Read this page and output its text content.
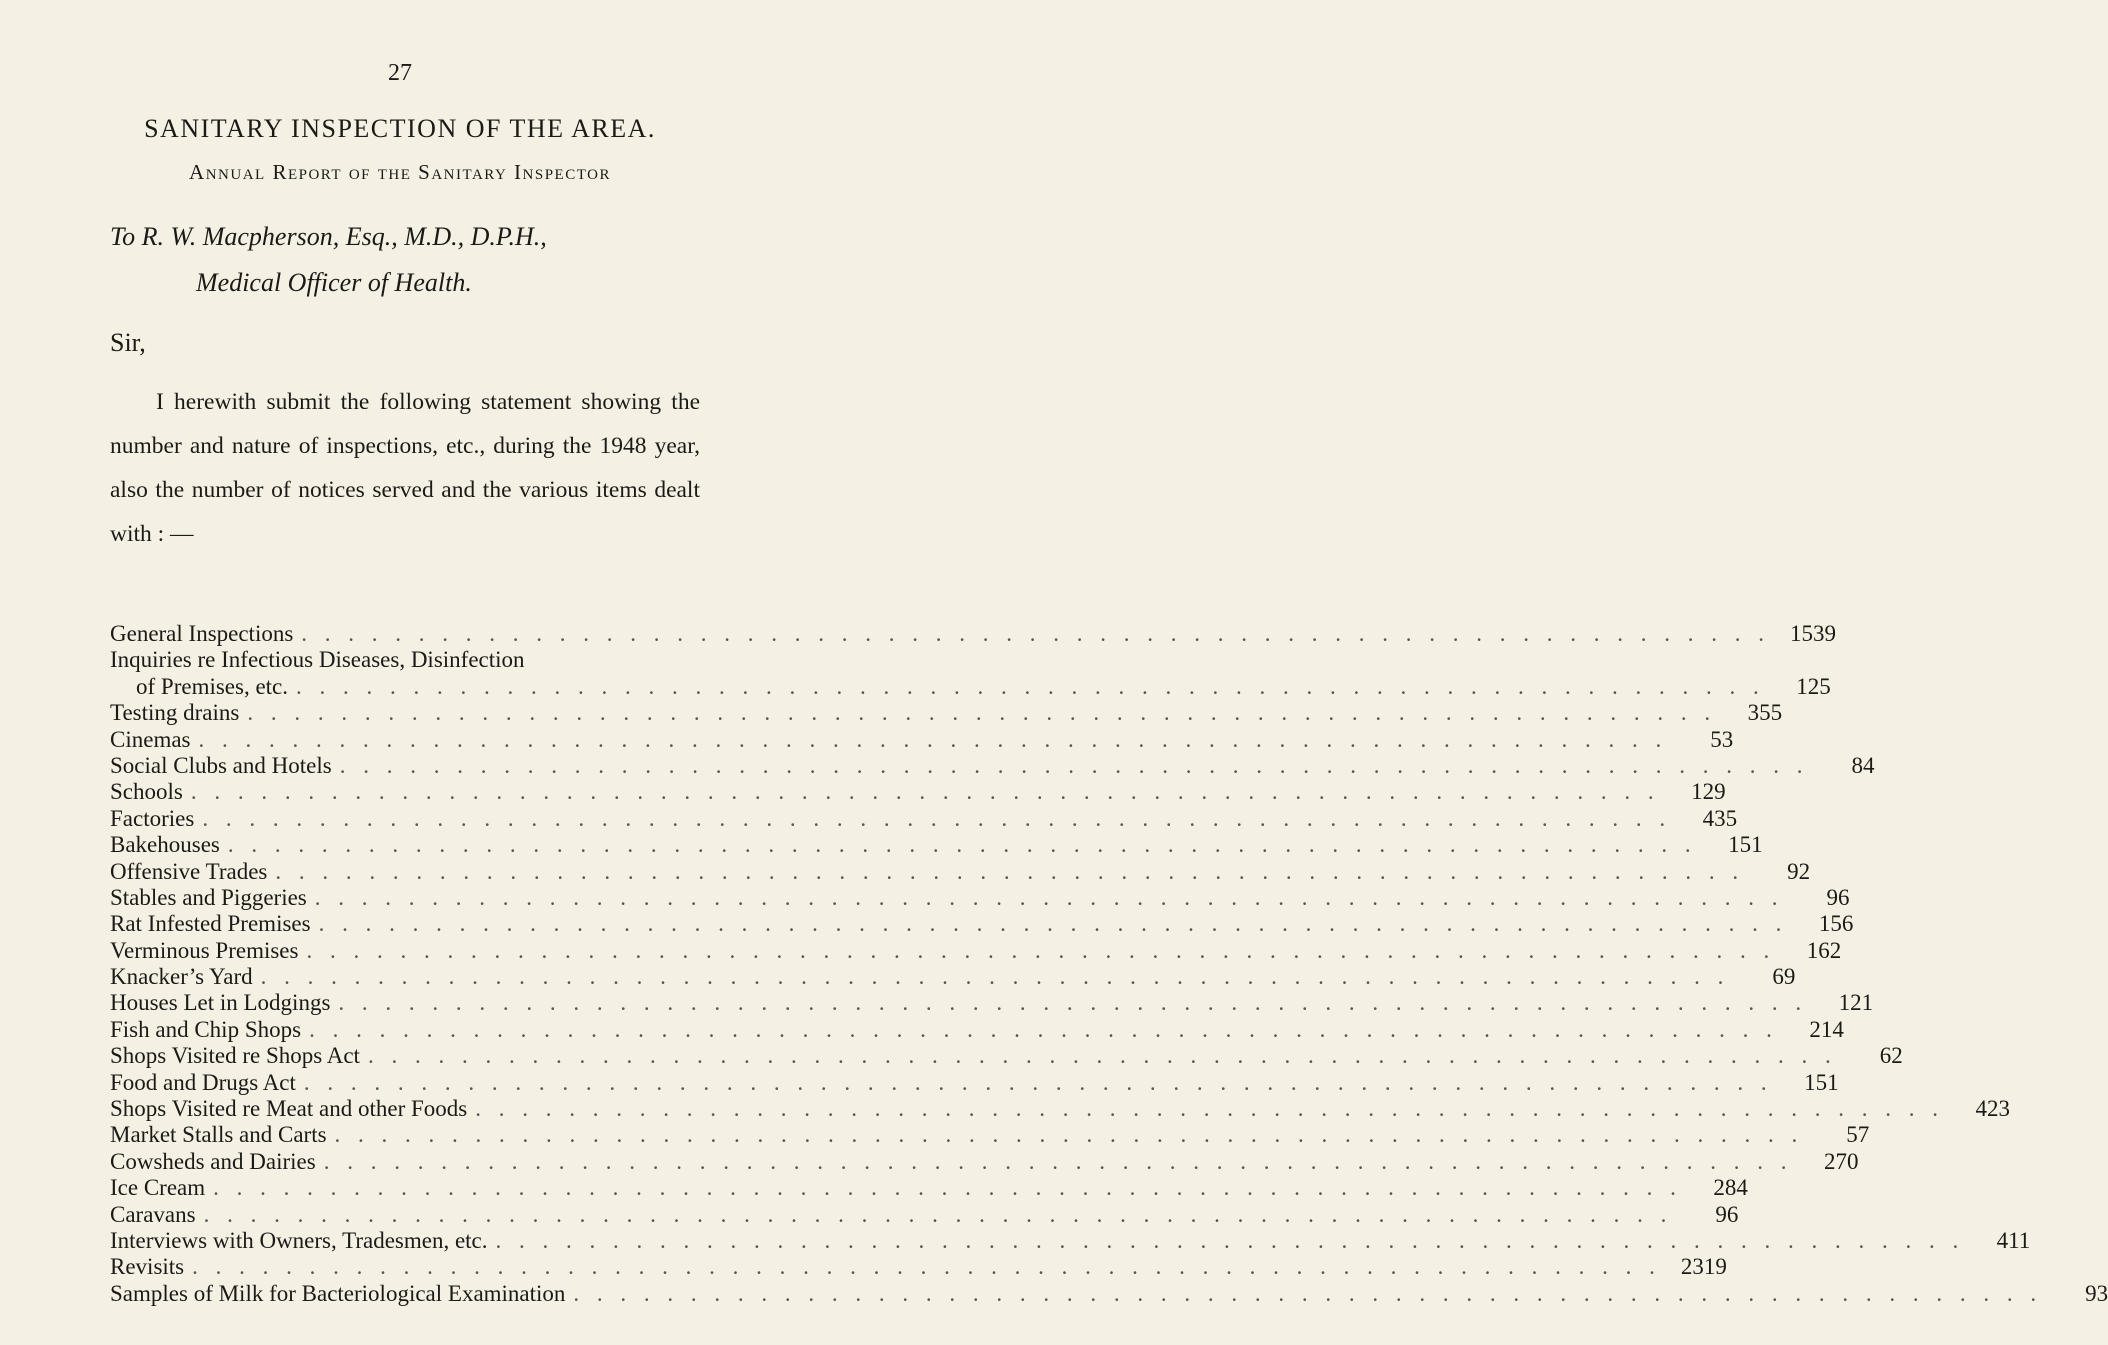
27
SANITARY INSPECTION OF THE AREA.
Annual Report of the Sanitary Inspector
To R. W. Macpherson, Esq., M.D., D.P.H.,
Medical Officer of Health.
Sir,
I herewith submit the following statement showing the number and nature of inspections, etc., during the 1948 year, also the number of notices served and the various items dealt with : —
General Inspections . . . . . . . . . . . . . . . . . . . . . . . . . . . . . . . . . . . . . . . . . . . . . . . . . . . . . . . . . . . . . . . 1539
Inquiries re Infectious Diseases, Disinfection
of Premises, etc. . . . . . . . . . . . . . . . . . . . . . . . . . . . . . . . . . . . . . . . . . . . . . . . . . . . . . . . . . . . . . . .	125
Testing drains . . . . . . . . . . . . . . . . . . . . . . . . . . . . . . . . . . . . . . . . . . . . . . . . . . . . . . . . . . . . . . .	355
Cinemas . . . . . . . . . . . . . . . . . . . . . . . . . . . . . . . . . . . . . . . . . . . . . . . . . . . . . . . . . . . . . . .	53
Social Clubs and Hotels . . . . . . . . . . . . . . . . . . . . . . . . . . . . . . . . . . . . . . . . . . . . . . . . . . . . . . . . . . . . . . .	84
Schools . . . . . . . . . . . . . . . . . . . . . . . . . . . . . . . . . . . . . . . . . . . . . . . . . . . . . . . . . . . . . . .	129
Factories . . . . . . . . . . . . . . . . . . . . . . . . . . . . . . . . . . . . . . . . . . . . . . . . . . . . . . . . . . . . . . .	435
Bakehouses . . . . . . . . . . . . . . . . . . . . . . . . . . . . . . . . . . . . . . . . . . . . . . . . . . . . . . . . . . . . . . .	151
Offensive Trades . . . . . . . . . . . . . . . . . . . . . . . . . . . . . . . . . . . . . . . . . . . . . . . . . . . . . . . . . . . . . . .	92
Stables and Piggeries . . . . . . . . . . . . . . . . . . . . . . . . . . . . . . . . . . . . . . . . . . . . . . . . . . . . . . . . . . . . . . .	96
Rat Infested Premises . . . . . . . . . . . . . . . . . . . . . . . . . . . . . . . . . . . . . . . . . . . . . . . . . . . . . . . . . . . . . . .	156
Verminous Premises . . . . . . . . . . . . . . . . . . . . . . . . . . . . . . . . . . . . . . . . . . . . . . . . . . . . . . . . . . . . . . .	162
Knacker’s Yard . . . . . . . . . . . . . . . . . . . . . . . . . . . . . . . . . . . . . . . . . . . . . . . . . . . . . . . . . . . . . . .	69
Houses Let in Lodgings . . . . . . . . . . . . . . . . . . . . . . . . . . . . . . . . . . . . . . . . . . . . . . . . . . . . . . . . . . . . . . .	121
Fish and Chip Shops . . . . . . . . . . . . . . . . . . . . . . . . . . . . . . . . . . . . . . . . . . . . . . . . . . . . . . . . . . . . . . .	214
Shops Visited re Shops Act . . . . . . . . . . . . . . . . . . . . . . . . . . . . . . . . . . . . . . . . . . . . . . . . . . . . . . . . . . . . . . .	62
Food and Drugs Act . . . . . . . . . . . . . . . . . . . . . . . . . . . . . . . . . . . . . . . . . . . . . . . . . . . . . . . . . . . . . . .	151
Shops Visited re Meat and other Foods . . . . . . . . . . . . . . . . . . . . . . . . . . . . . . . . . . . . . . . . . . . . . . . . . . . . . . . . . . . . . . .	423
Market Stalls and Carts . . . . . . . . . . . . . . . . . . . . . . . . . . . . . . . . . . . . . . . . . . . . . . . . . . . . . . . . . . . . . . .	57
Cowsheds and Dairies . . . . . . . . . . . . . . . . . . . . . . . . . . . . . . . . . . . . . . . . . . . . . . . . . . . . . . . . . . . . . . .	270
Ice Cream . . . . . . . . . . . . . . . . . . . . . . . . . . . . . . . . . . . . . . . . . . . . . . . . . . . . . . . . . . . . . . .	284
Caravans . . . . . . . . . . . . . . . . . . . . . . . . . . . . . . . . . . . . . . . . . . . . . . . . . . . . . . . . . . . . . . .	96
Interviews with Owners, Tradesmen, etc. . . . . . . . . . . . . . . . . . . . . . . . . . . . . . . . . . . . . . . . . . . . . . . . . . . . . . . . . . . . . . . .	411
Revisits . . . . . . . . . . . . . . . . . . . . . . . . . . . . . . . . . . . . . . . . . . . . . . . . . . . . . . . . . . . . . . . 2319
Samples of Milk for Bacteriological Examination . . . . . . . . . . . . . . . . . . . . . . . . . . . . . . . . . . . . . . . . . . . . . . . . . . . . . . . . . . . . . . .	93
